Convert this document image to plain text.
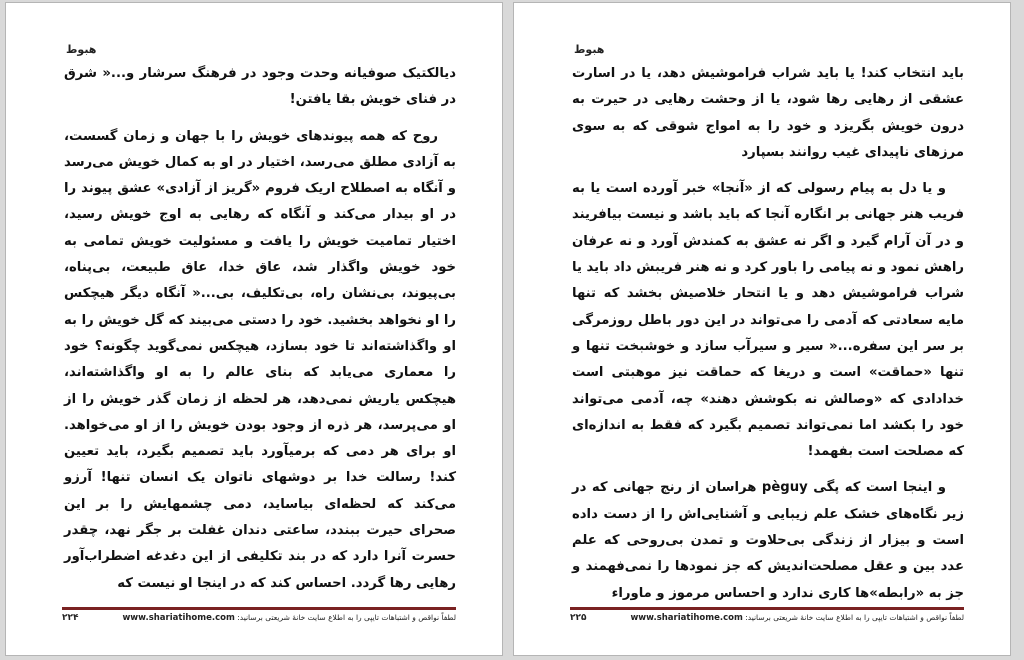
هبوط

دیالکتیک صوفیانه وحدت وجود در فرهنگ سرشار و...« شرق در فنای خویش بقا یافتن!

روح که همه پیوندهای خویش را با جهان و زمان گسست، به آزادی مطلق می‌رسد، اختیار در او به کمال خویش می‌رسد و آنگاه به اصطلاح اریک فروم «گریز از آزادی» عشق پیوند را در او بیدار می‌کند و آنگاه که رهایی به اوج خویش رسید، اختیار تمامیت خویش را یافت و مسئولیت خویش تمامی به خود خویش واگذار شد، عاق خدا، عاق طبیعت، بی‌پناه، بی‌پیوند، بی‌نشان راه، بی‌تکلیف، بی...« آنگاه دیگر هیچکس را او نخواهد بخشید. خود را دستی می‌بیند که گل خویش را به او واگذاشته‌اند تا خود بسازد، هیچکس نمی‌گوید چگونه؟ خود را معماری می‌یابد که بنای عالم را به او واگذاشته‌اند، هیچکس یاریش نمی‌دهد، هر لحظه از زمان گذر خویش را از او می‌پرسد، هر ذره از وجود بودن خویش را از او می‌خواهد. او برای هر دمی که برمیآورد باید تصمیم بگیرد، باید تعیین کند! رسالت خدا بر دوشهای ناتوان یک انسان تنها! آرزو می‌کند که لحظه‌ای بیاساید، دمی چشمهایش را بر این صحرای حیرت ببندد، ساعتی دندان غفلت بر جگر نهد، چقدر حسرت آنرا دارد که در بند تکلیفی از این دغدغه اضطراب‌آور رهایی رها گردد. احساس کند که در اینجا او نیست که

۲۲۴	لطفاً نواقص و اشتباهات تایپی را به اطلاع سایت خانهٔ شریعتی برسانید: www.shariatihome.com
هبوط

باید انتخاب کند! یا باید شراب فراموشیش دهد، یا در اسارت عشقی از رهایی رها شود، یا از وحشت رهایی در حیرت به درون خویش بگریزد و خود را به امواج شوقی که به سوی مرزهای ناپیدای غیب روانند بسپارد

و یا دل به پیام رسولی که از «آنجا» خبر آورده است یا به فریب هنر جهانی بر انگاره آنجا که باید باشد و نیست بیافریند و در آن آرام گیرد و اگر نه عشق به کمندش آورد و نه عرفان راهش نمود و نه پیامی را باور کرد و نه هنر فریبش داد باید یا شراب فراموشیش دهد و یا انتحار خلاصیش بخشد که تنها مایه سعادتی که آدمی را می‌تواند در این دور باطل روزمرگی بر سر این سفره...« سیر و سیرآب سازد و خوشبخت تنها و تنها «حماقت» است و دریغا که حماقت نیز موهبتی است خدادادی که «وصالش نه بکوشش دهند» چه، آدمی می‌تواند خود را بکشد اما نمی‌تواند تصمیم بگیرد که فقط به اندازه‌ای که مصلحت است بفهمد!

و اینجا است که پگی pèguy هراسان از رنج جهانی که در زیر نگاه‌های خشک علم زیبایی و آشنایی‌اش را از دست داده است و بیزار از زندگی بی‌حلاوت و تمدن بی‌روحی که علم عدد بین و عقل مصلحت‌اندیش که جز نمودها را نمی‌فهمند و جز به «رابطه»ها کاری ندارد و احساس مرموز و ماوراء

۲۲۵	لطفاً نواقص و اشتباهات تایپی را به اطلاع سایت خانهٔ شریعتی برسانید: www.shariatihome.com
